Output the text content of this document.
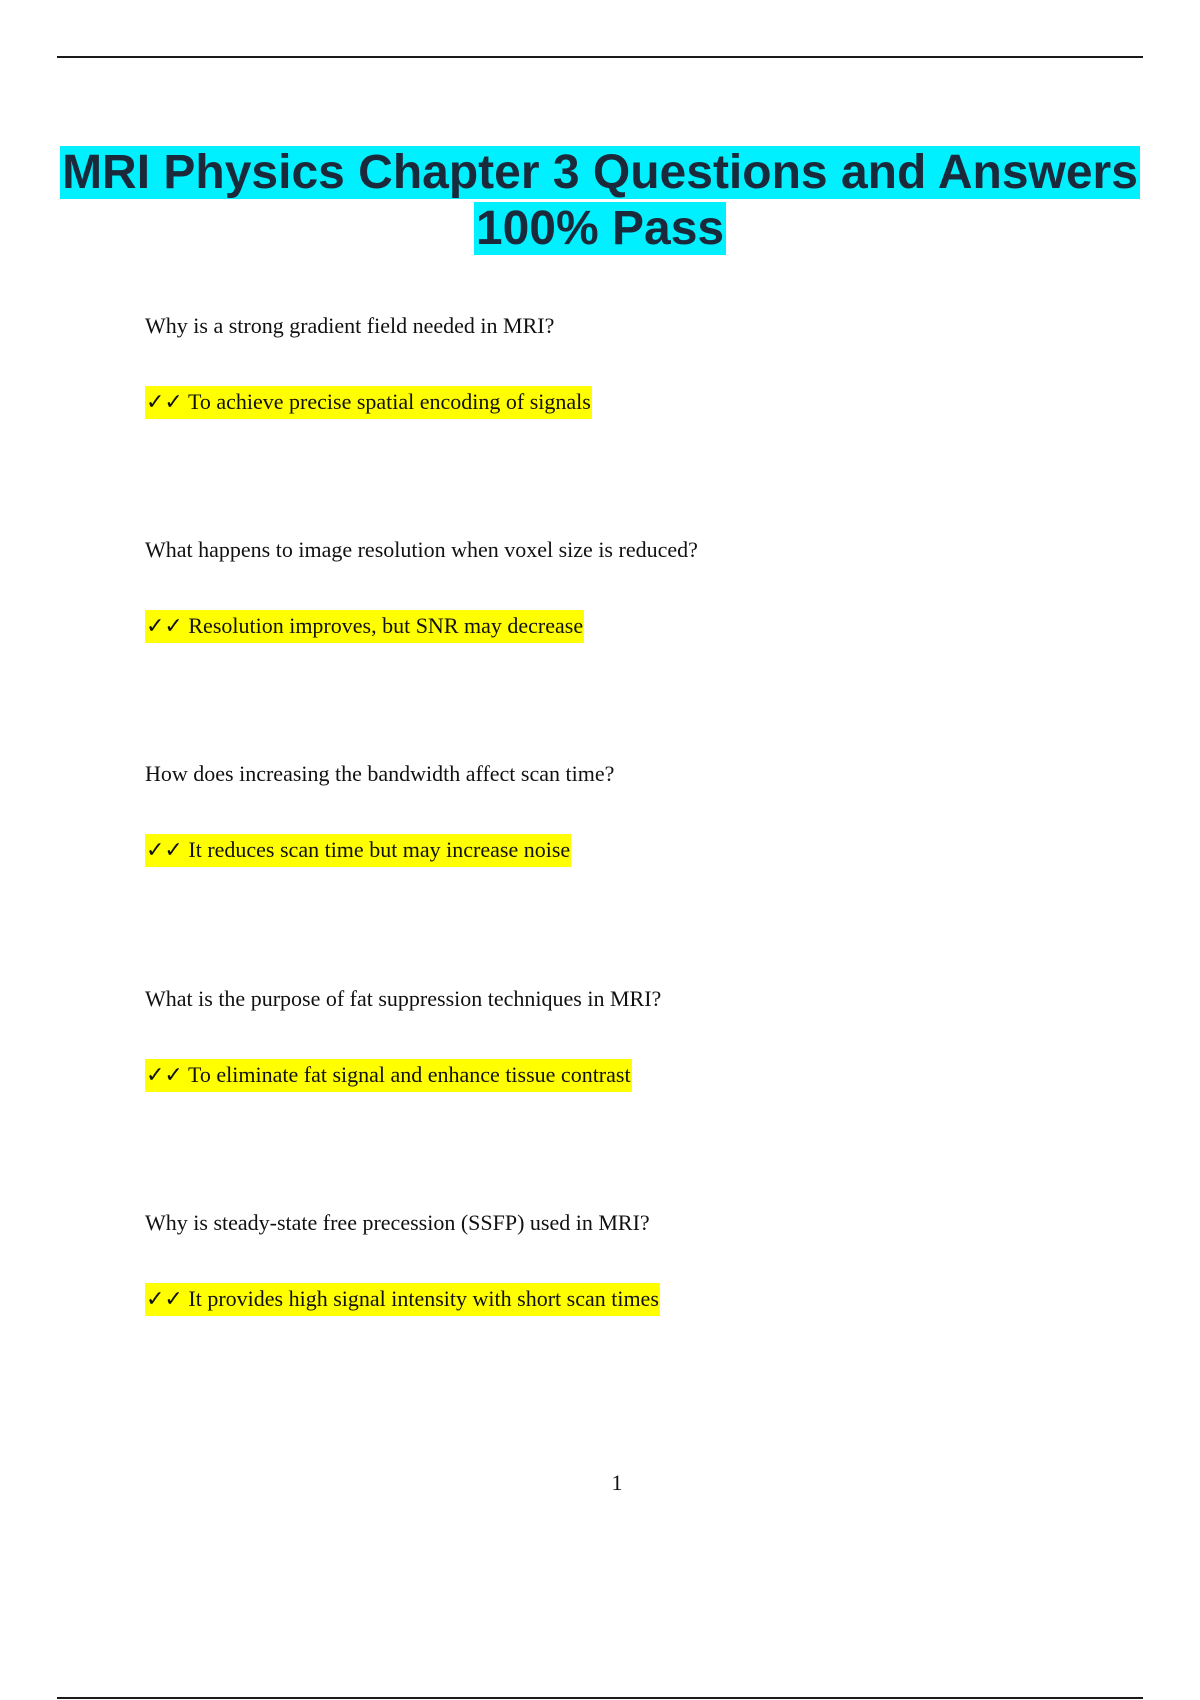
MRI Physics Chapter 3 Questions and Answers 100% Pass
Why is a strong gradient field needed in MRI?
✓✓ To achieve precise spatial encoding of signals
What happens to image resolution when voxel size is reduced?
✓✓ Resolution improves, but SNR may decrease
How does increasing the bandwidth affect scan time?
✓✓ It reduces scan time but may increase noise
What is the purpose of fat suppression techniques in MRI?
✓✓ To eliminate fat signal and enhance tissue contrast
Why is steady-state free precession (SSFP) used in MRI?
✓✓ It provides high signal intensity with short scan times
1
